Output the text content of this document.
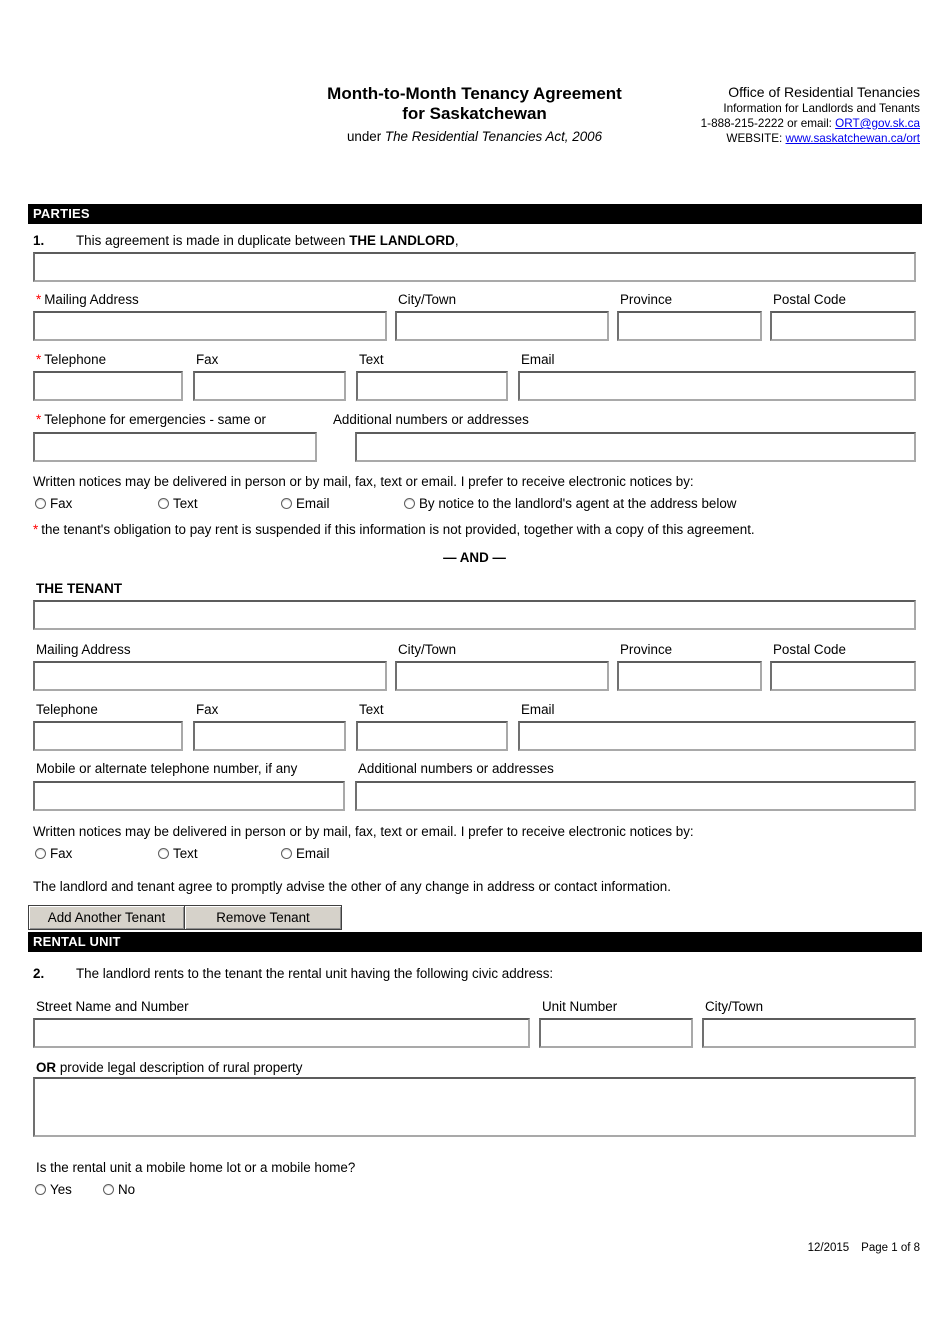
Month-to-Month Tenancy Agreement
for Saskatchewan
under The Residential Tenancies Act, 2006
Office of Residential Tenancies
Information for Landlords and Tenants
1-888-215-2222 or email: ORT@gov.sk.ca
WEBSITE: www.saskatchewan.ca/ort
PARTIES
1. This agreement is made in duplicate between THE LANDLORD,
* Mailing Address	City/Town	Province	Postal Code
* Telephone	Fax	Text	Email
* Telephone for emergencies - same or	Additional numbers or addresses
Written notices may be delivered in person or by mail, fax, text or email. I prefer to receive electronic notices by:
Fax	Text	Email	By notice to the landlord's agent at the address below
* the tenant's obligation to pay rent is suspended if this information is not provided, together with a copy of this agreement.
— AND —
THE TENANT
Mailing Address	City/Town	Province	Postal Code
Telephone	Fax	Text	Email
Mobile or alternate telephone number, if any	Additional numbers or addresses
Written notices may be delivered in person or by mail, fax, text or email. I prefer to receive electronic notices by:
Fax	Text	Email
The landlord and tenant agree to promptly advise the other of any change in address or contact information.
Add Another Tenant	Remove Tenant
RENTAL UNIT
2. The landlord rents to the tenant the rental unit having the following civic address:
Street Name and Number	Unit Number	City/Town
OR provide legal description of rural property
Is the rental unit a mobile home lot or a mobile home?
Yes	No
12/2015 Page 1 of 8
